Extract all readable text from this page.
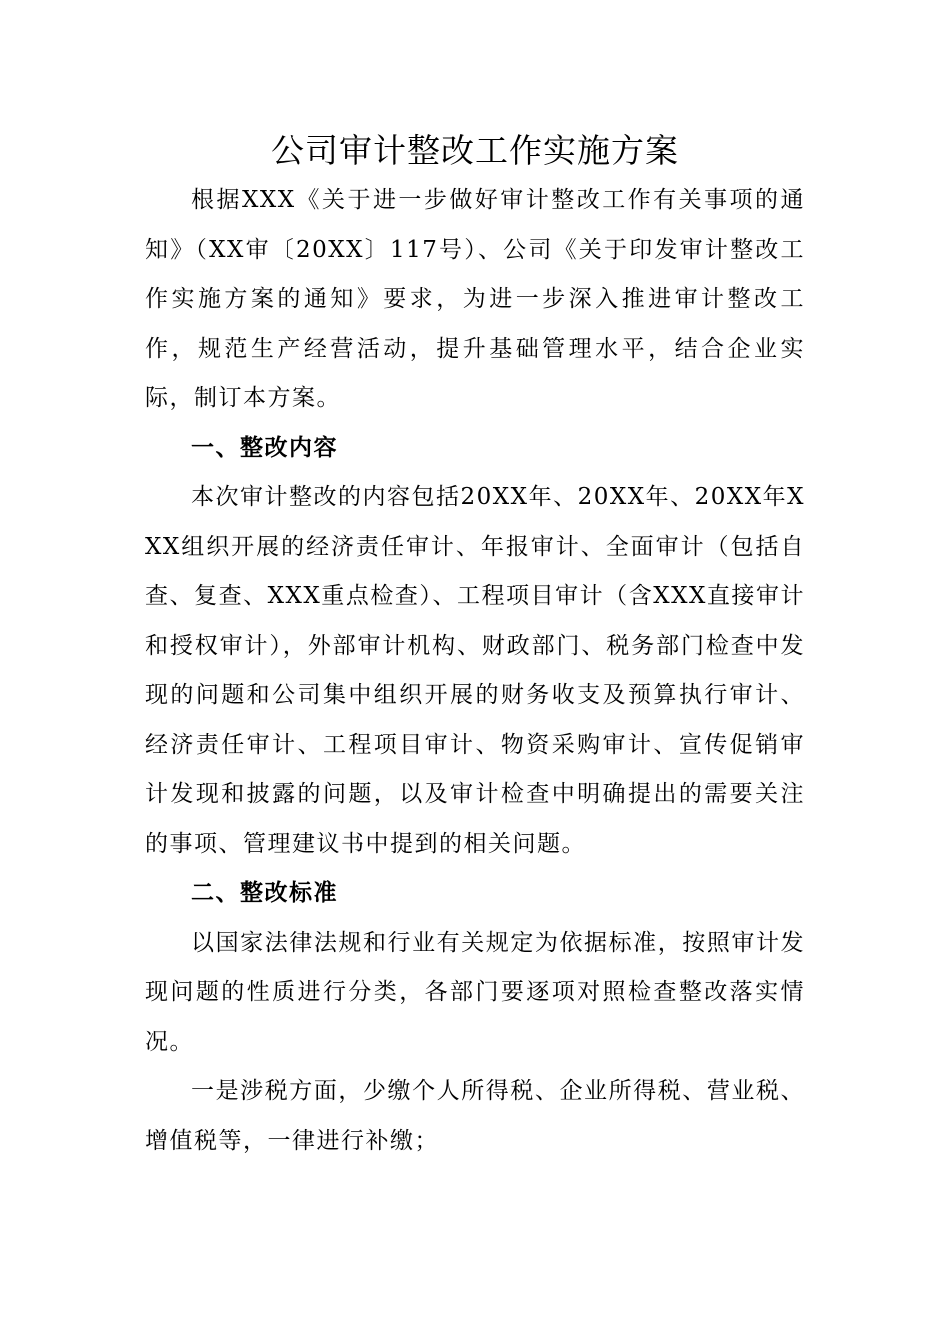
公司审计整改工作实施方案

根据XXX《关于进一步做好审计整改工作有关事项的通知》（XX审〔20XX〕117号）、公司《关于印发审计整改工作实施方案的通知》要求，为进一步深入推进审计整改工作，规范生产经营活动，提升基础管理水平，结合企业实际，制订本方案。

一、整改内容

本次审计整改的内容包括20XX年、20XX年、20XX年XXX组织开展的经济责任审计、年报审计、全面审计（包括自查、复查、XXX重点检查）、工程项目审计（含XXX直接审计和授权审计），外部审计机构、财政部门、税务部门检查中发现的问题和公司集中组织开展的财务收支及预算执行审计、经济责任审计、工程项目审计、物资采购审计、宣传促销审计发现和披露的问题，以及审计检查中明确提出的需要关注的事项、管理建议书中提到的相关问题。

二、整改标准

以国家法律法规和行业有关规定为依据标准，按照审计发现问题的性质进行分类，各部门要逐项对照检查整改落实情况。

一是涉税方面，少缴个人所得税、企业所得税、营业税、增值税等，一律进行补缴；
